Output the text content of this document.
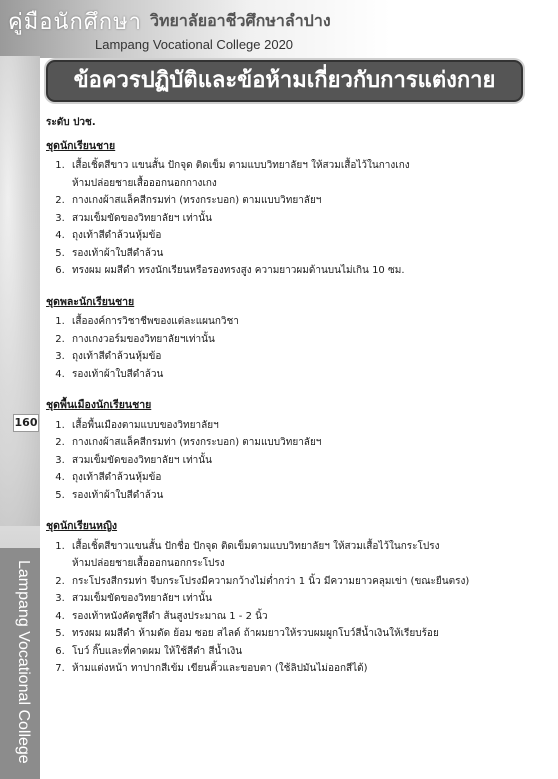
คู่มือนักศึกษา วิทยาลัยอาชีวศึกษาลำปาง
Lampang Vocational College 2020
Lampang Vocational College
160
ข้อควรปฏิบัติและข้อห้ามเกี่ยวกับการแต่งกาย
ระดับ ปวช.
ชุดนักเรียนชาย
1. เสื้อเชิ้ตสีขาว แขนสั้น ปักจุด ติดเข็ม ตามแบบวิทยาลัยฯ ให้สวมเสื้อไว้ในกางเกง
ห้ามปล่อยชายเสื้อออกนอกกางเกง
2. กางเกงผ้าสแล็คสีกรมท่า (ทรงกระบอก) ตามแบบวิทยาลัยฯ
3. สวมเข็มขัดของวิทยาลัยฯ เท่านั้น
4. ถุงเท้าสีดำล้วนหุ้มข้อ
5. รองเท้าผ้าใบสีดำล้วน
6. ทรงผม ผมสีดำ ทรงนักเรียนหรือรองทรงสูง ความยาวผมด้านบนไม่เกิน 10 ซม.
ชุดพละนักเรียนชาย
1. เสื้อองค์การวิชาชีพของแต่ละแผนกวิชา
2. กางเกงวอร์มของวิทยาลัยฯเท่านั้น
3. ถุงเท้าสีดำล้วนหุ้มข้อ
4. รองเท้าผ้าใบสีดำล้วน
ชุดพื้นเมืองนักเรียนชาย
1. เสื้อพื้นเมืองตามแบบของวิทยาลัยฯ
2. กางเกงผ้าสแล็คสีกรมท่า (ทรงกระบอก) ตามแบบวิทยาลัยฯ
3. สวมเข็มขัดของวิทยาลัยฯ เท่านั้น
4. ถุงเท้าสีดำล้วนหุ้มข้อ
5. รองเท้าผ้าใบสีดำล้วน
ชุดนักเรียนหญิง
1. เสื้อเชิ้ตสีขาวแขนสั้น ปักชื่อ ปักจุด ติดเข็มตามแบบวิทยาลัยฯ ให้สวมเสื้อไว้ในกระโปรง
ห้ามปล่อยชายเสื้อออกนอกกระโปรง
2. กระโปรงสีกรมท่า จีบกระโปรงมีความกว้างไม่ต่ำกว่า 1 นิ้ว มีความยาวคลุมเข่า (ขณะยืนตรง)
3. สวมเข็มขัดของวิทยาลัยฯ เท่านั้น
4. รองเท้าหนังคัดชูสีดำ ส้นสูงประมาณ 1 - 2 นิ้ว
5. ทรงผม ผมสีดำ ห้ามดัด ย้อม ซอย สไลด์ ถ้าผมยาวให้รวบผมผูกโบว์สีน้ำเงินให้เรียบร้อย
6. โบว์ กิ๊บและที่คาดผม ให้ใช้สีดำ สีน้ำเงิน
7. ห้ามแต่งหน้า ทาปากสีเข้ม เขียนคิ้วและขอบตา (ใช้ลิปมันไม่ออกสีได้)
